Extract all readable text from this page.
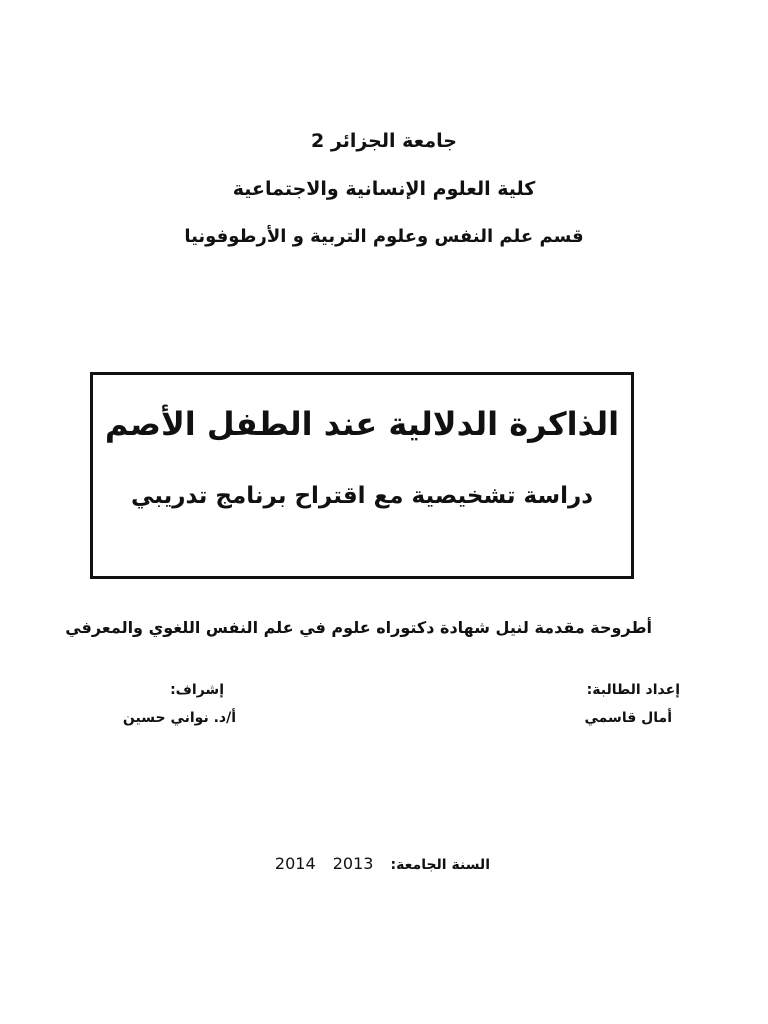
جامعة الجزائر 2
كلية العلوم الإنسانية والاجتماعية
قسم علم النفس وعلوم التربية و الأرطوفونيا
الذاكرة الدلالية عند الطفل الأصم
دراسة تشخيصية مع اقتراح برنامج تدريبي
أطروحة مقدمة لنيل شهادة دكتوراه علوم في علم النفس اللغوي والمعرفي
إعداد الطالبة:
أمال قاسمي
إشراف:
أ/د. نواني حسين
السنة الجامعة: 2013 2014
